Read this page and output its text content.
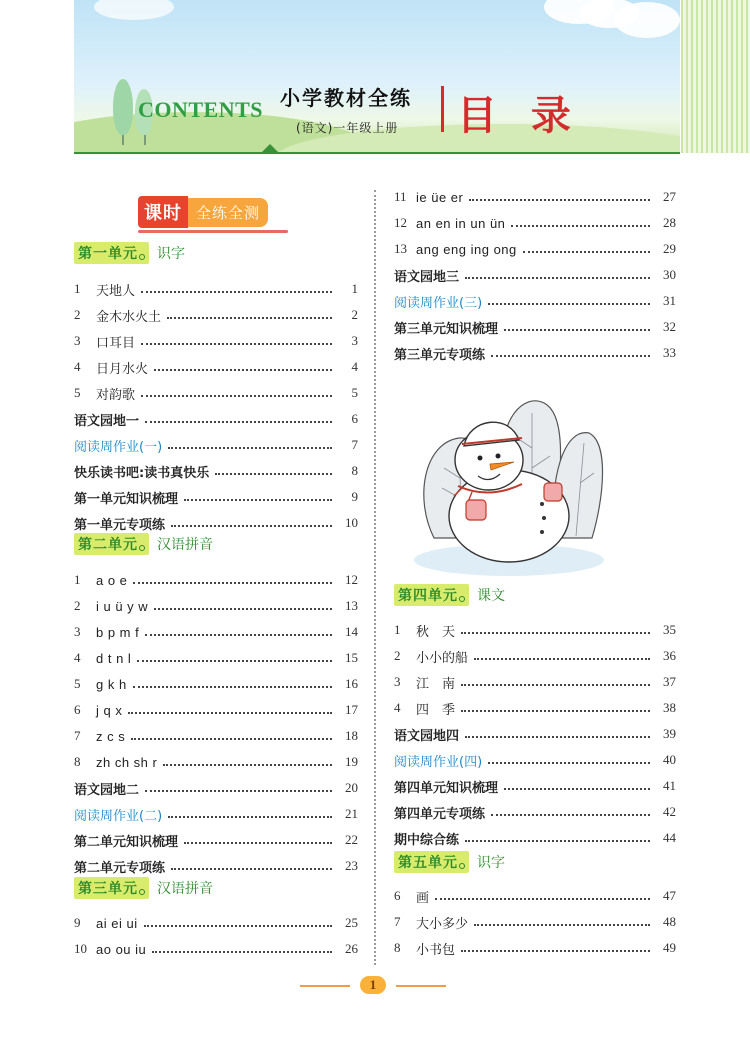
CONTENTS 小学教材全练
(语文)一年级上册 目 录
课时 全练全测
第一单元 识字
1	天地人	1
2	金木水火土	2
3	口耳目	3
4	日月水火	4
5	对韵歌	5
语文园地一	6
阅读周作业(一)	7
快乐读书吧:读书真快乐	8
第一单元知识梳理	9
第一单元专项练	10
第二单元 汉语拼音
1	a o e	12
2	i u ü y w	13
3	b p m f	14
4	d t n l	15
5	g k h	16
6	j q x	17
7	z c s	18
8	zh ch sh r	19
语文园地二	20
阅读周作业(二)	21
第二单元知识梳理	22
第二单元专项练	23
第三单元 汉语拼音
9	ai ei ui	25
10 ao ou iu	26
11 ie üe er	27
12 an en in un ün	28
13 ang eng ing ong	29
语文园地三	30
阅读周作业(三)	31
第三单元知识梳理	32
第三单元专项练	33
第四单元 课文
1	秋　天	35
2	小小的船	36
3	江　南	37
4	四　季	38
语文园地四	39
阅读周作业(四)	40
第四单元知识梳理	41
第四单元专项练	42
期中综合练	44
第五单元 识字
6	画	47
7	大小多少	48
8	小书包	49
1
